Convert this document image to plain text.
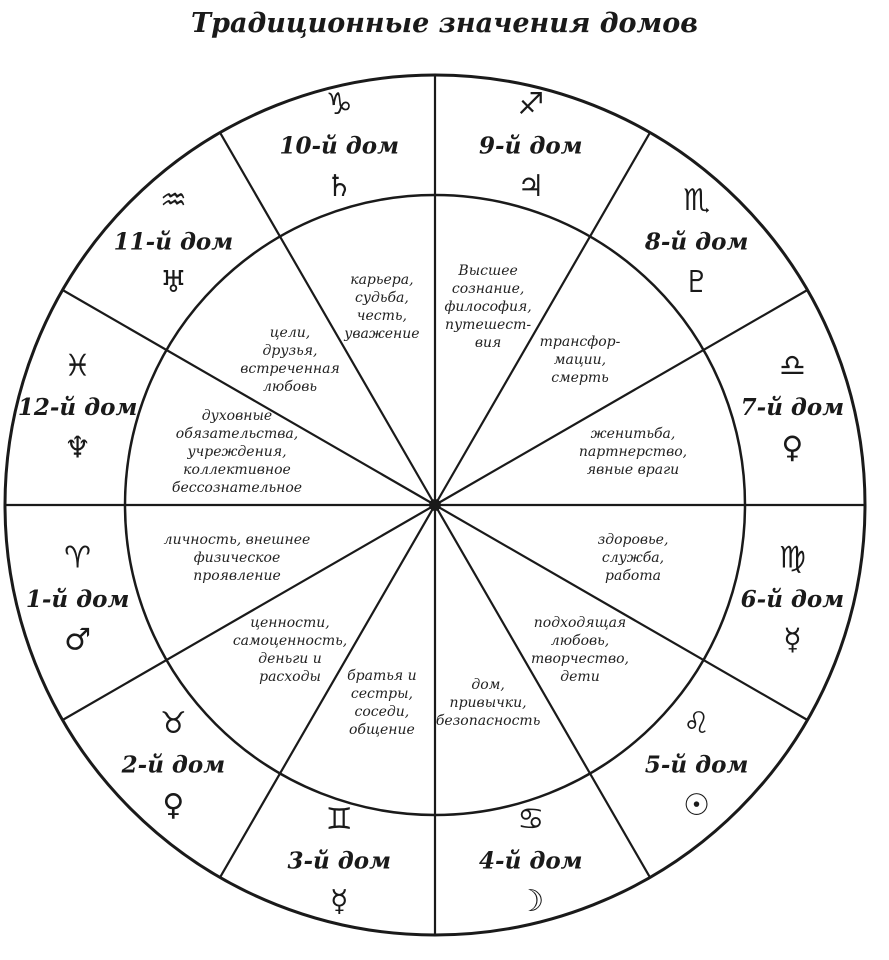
Традиционные значения домов
♈
1-й дом
♂
личность, внешнее
физическое
проявление
♉
2-й дом
♀
ценности,
самоценность,
деньги и
расходы
♊
3-й дом
☿
братья и
сестры,
соседи,
общение
♋
4-й дом
☽
дом,
привычки,
безопасность	♌
5-й дом
☉
подходящая
любовь,
творчество,
дети
♍
6-й дом
☿
здоровье,
служба,
работа
♎
7-й дом
♀
женитьба,
партнерство,
явные враги
♏
8-й дом
♇
трансфор-
мации,
смерть
♐
9-й дом
♃
Высшее
сознание,
философия,
путешест-
вия
♑
10-й дом
♄
карьера,
судьба,
честь,
уважение
♒
11-й дом
♅
цели,
друзья,
встреченная
любовь
♓
12-й дом
♆
духовные
обязательства,
учреждения,
коллективное
бессознательное
